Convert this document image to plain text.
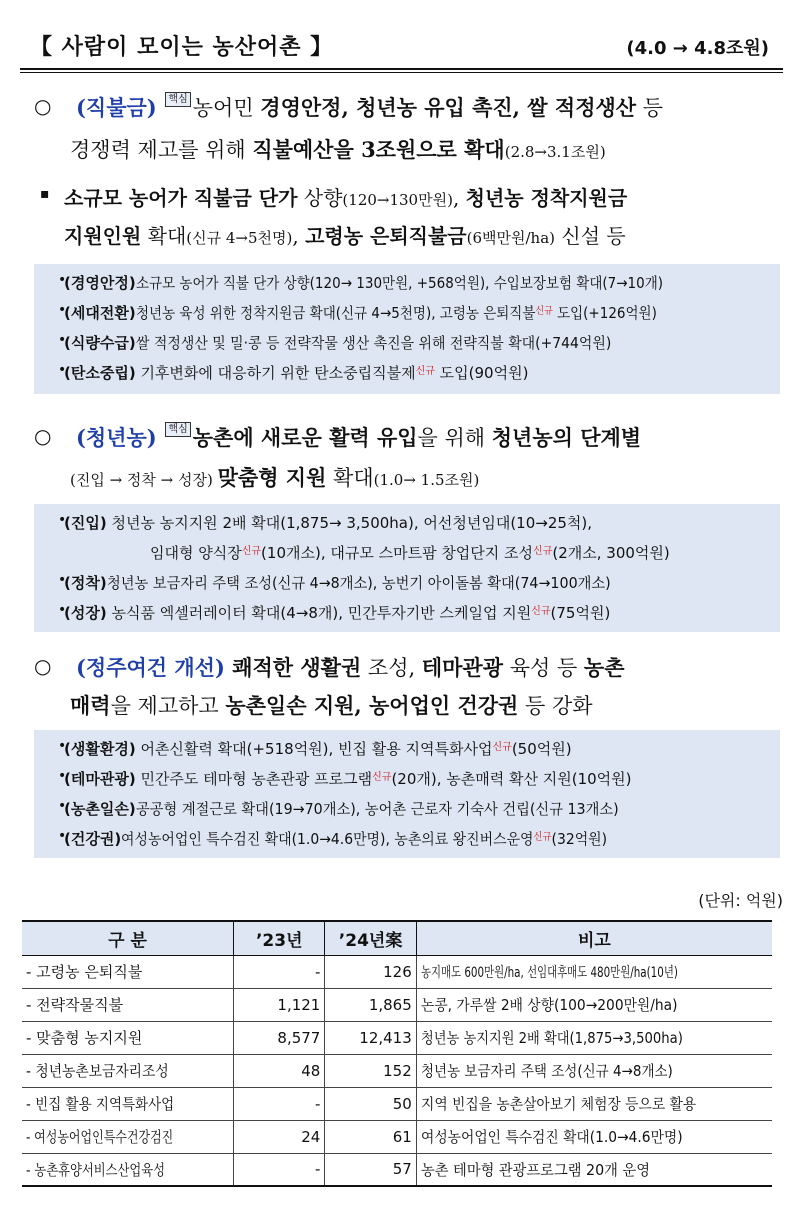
【 사람이 모이는 농산어촌 】	(4.0 → 4.8조원)
○ (직불금) 핵심 농어민 경영안정, 청년농 유입 촉진, 쌀 적정생산 등
경쟁력 제고를 위해 직불예산을 3조원으로 확대(2.8→3.1조원)
▪ 소규모 농어가 직불금 단가 상향(120→130만원), 청년농 정착지원금
지원인원 확대(신규 4→5천명), 고령농 은퇴직불금(6백만원/ha) 신설 등
•
(경영안정)소규모 농어가 직불 단가 상향(120→ 130만원, +568억원), 수입보장보험 확대(7→10개)
•
(세대전환)청년농 육성 위한 정착지원금 확대(신규 4→5천명), 고령농 은퇴직불$^{신규}$ 도입(+126억원)
•
(식량수급)쌀 적정생산 및 밀·콩 등 전략작물 생산 촉진을 위해 전략직불 확대(+744억원)
•
(탄소중립) 기후변화에 대응하기 위한 탄소중립직불제$^{신규}$ 도입(90억원)
○ (청년농) 핵심 농촌에 새로운 활력 유입을 위해 청년농의 단계별
(진입 → 정착 → 성장) 맞춤형 지원 확대(1.0→ 1.5조원)
•
(진입) 청년농 농지지원 2배 확대(1,875→ 3,500ha), 어선청년임대(10→25척),
임대형 양식장$^{신규}$(10개소), 대규모 스마트팜 창업단지 조성$^{신규}$(2개소, 300억원)
•
(정착)청년농 보금자리 주택 조성(신규 4→8개소), 농번기 아이돌봄 확대(74→100개소)
•
(성장) 농식품 엑셀러레이터 확대(4→8개), 민간투자기반 스케일업 지원$^{신규}$(75억원)
○ (정주여건 개선) 쾌적한 생활권 조성, 테마관광 육성 등 농촌
매력을 제고하고 농촌일손 지원, 농어업인 건강권 등 강화
•
(생활환경) 어촌신활력 확대(+518억원), 빈집 활용 지역특화사업$^{신규}$(50억원)
•
(테마관광) 민간주도 테마형 농촌관광 프로그램$^{신규}$(20개), 농촌매력 확산 지원(10억원)
•
(농촌일손)공공형 계절근로 확대(19→70개소), 농어촌 근로자 기숙사 건립(신규 13개소)
•
(건강권)여성농어업인 특수검진 확대(1.0→4.6만명), 농촌의료 왕진버스운영$^{신규}$(32억원)
(단위: 억원)
구 분	’23년	’24년案	비고
- 고령농 은퇴직불	-	126	농지매도 600만원/ha, 선임대후매도 480만원/ha(10년)
- 전략작물직불	1,121	1,865	논콩, 가루쌀 2배 상향(100→200만원/ha)
- 맞춤형 농지지원	8,577	12,413	청년농 농지지원 2배 확대(1,875→3,500ha)
- 청년농촌보금자리조성	48	152	청년농 보금자리 주택 조성(신규 4→8개소)
- 빈집 활용 지역특화사업	-	50	지역 빈집을 농촌살아보기 체험장 등으로 활용
- 여성농어업인특수건강검진	24	61	여성농어업인 특수검진 확대(1.0→4.6만명)
- 농촌휴양서비스산업육성	-	57	농촌 테마형 관광프로그램 20개 운영
